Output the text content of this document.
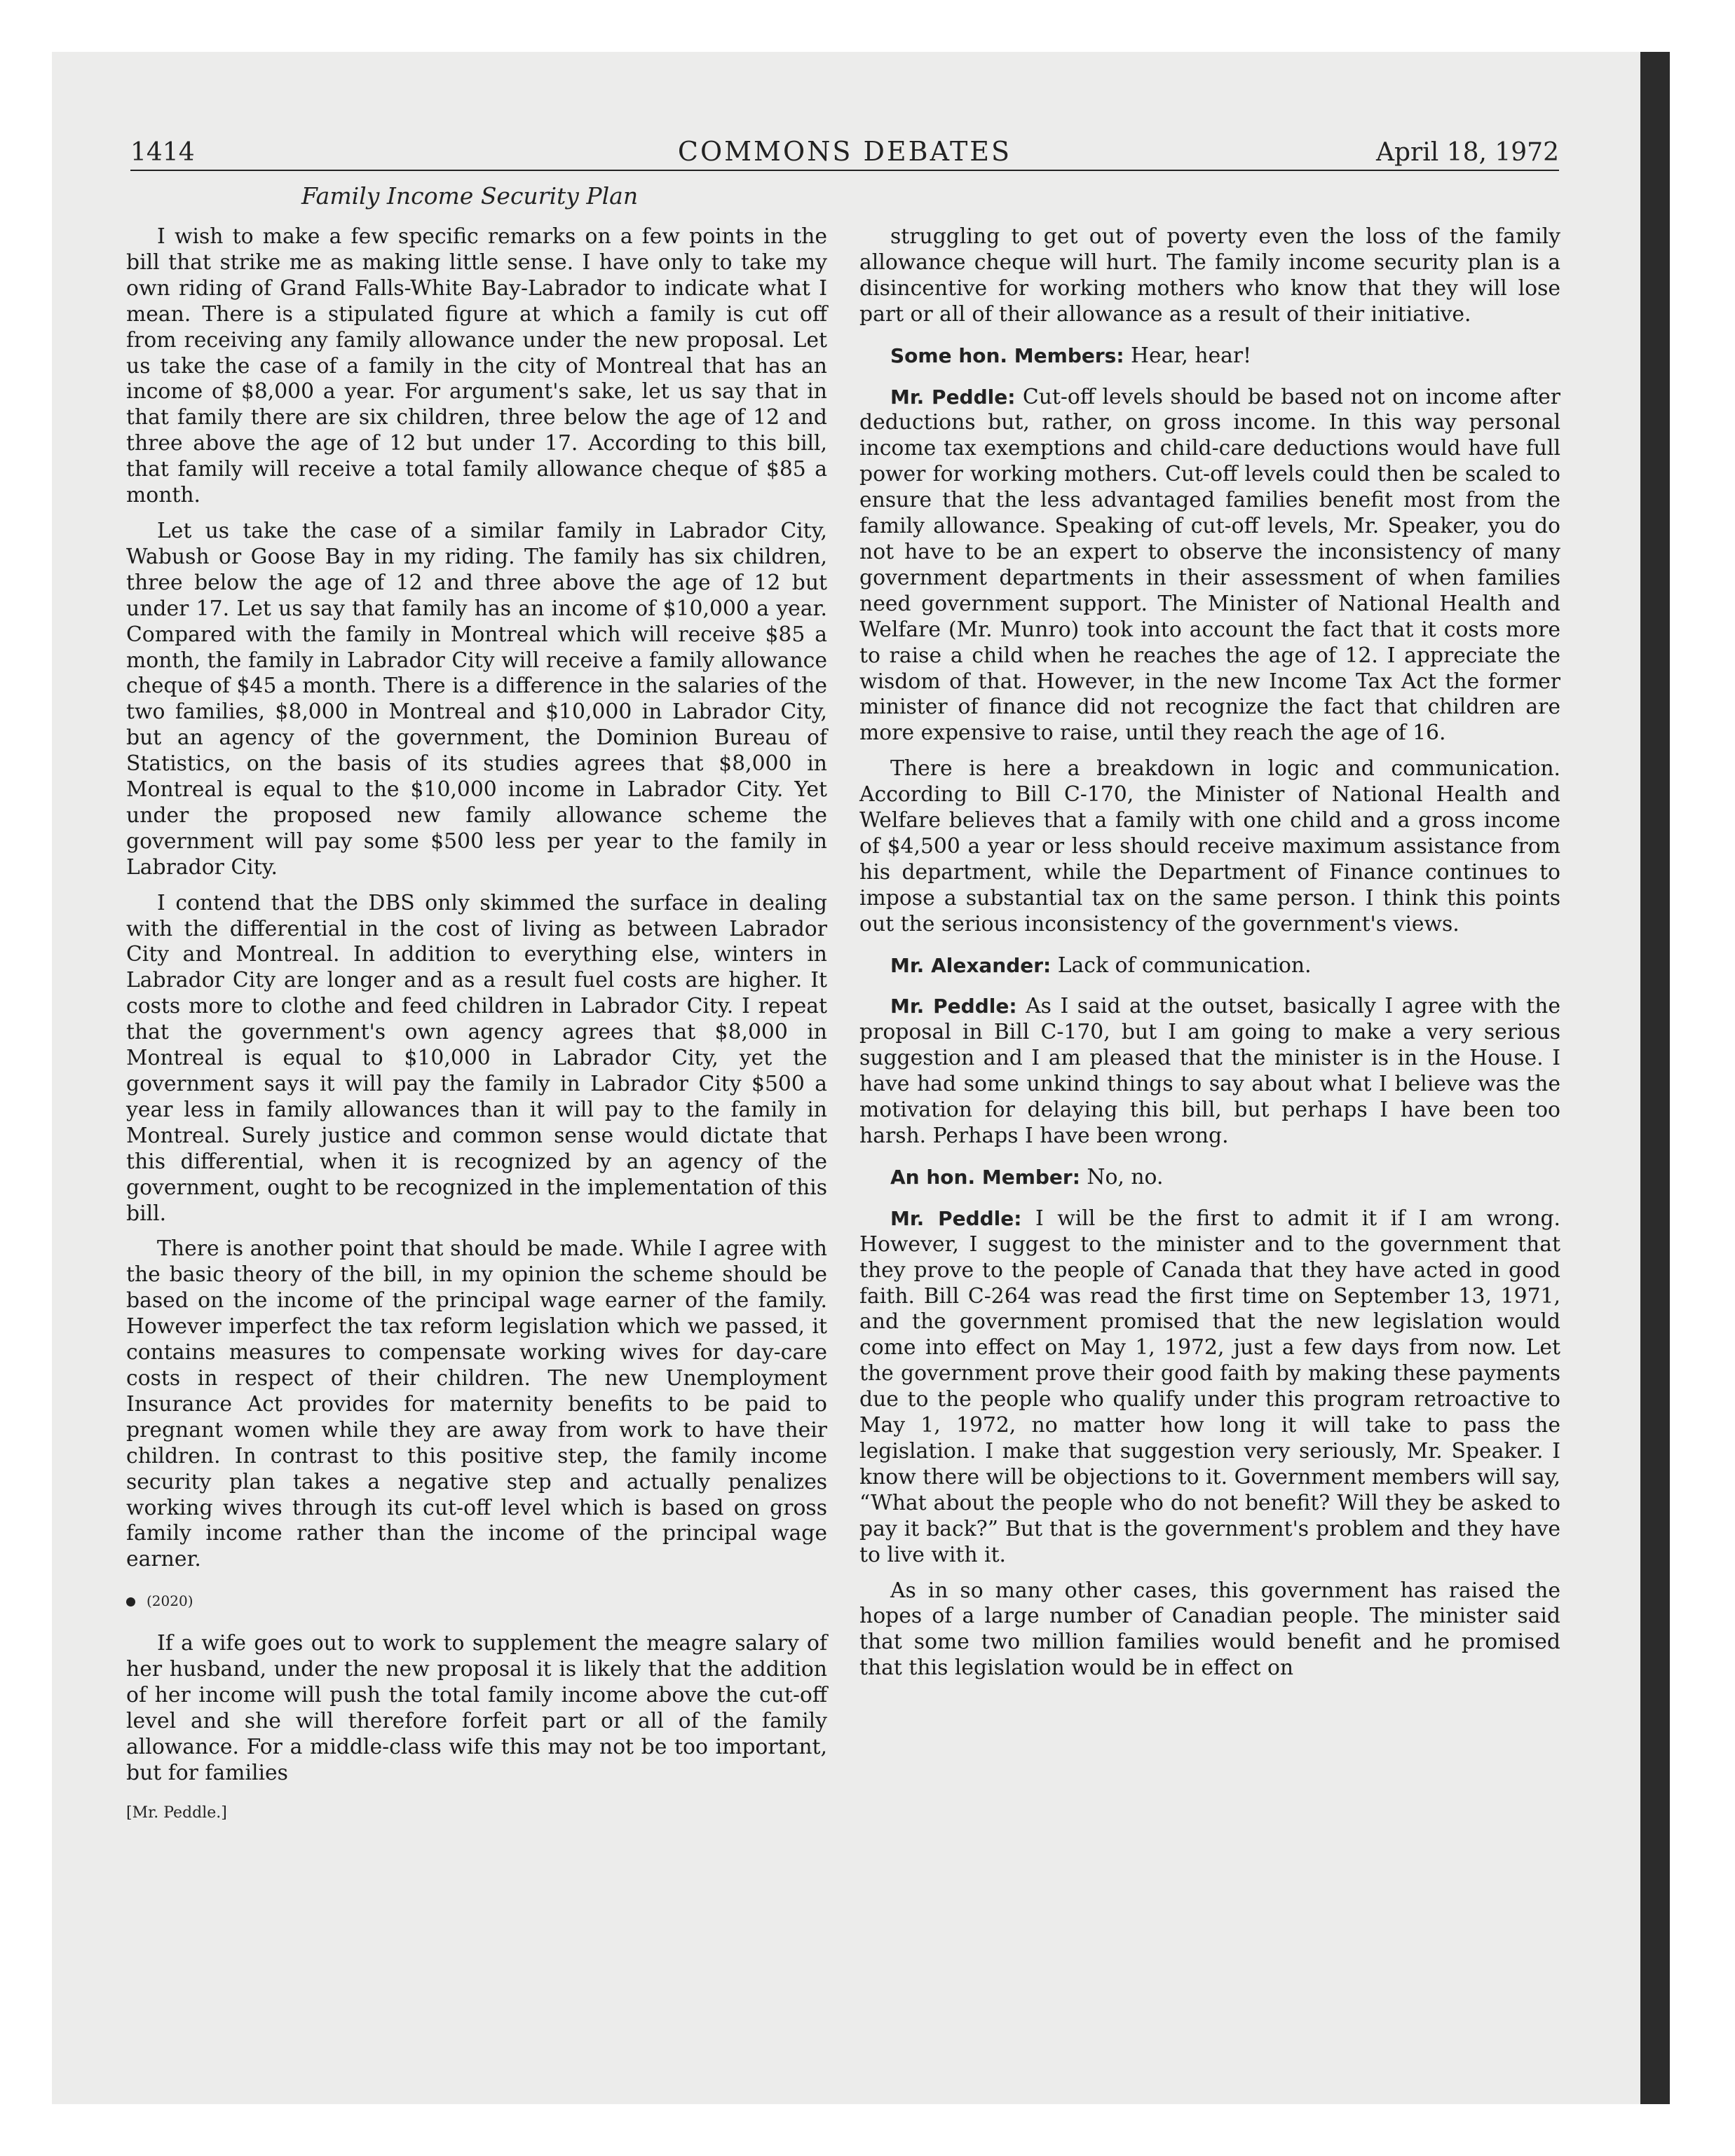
1414	COMMONS DEBATES	April 18, 1972
Family Income Security Plan

I wish to make a few specific remarks on a few points in the bill that strike me as making little sense. I have only to take my own riding of Grand Falls-White Bay-Labrador to indicate what I mean. There is a stipulated figure at which a family is cut off from receiving any family allowance under the new proposal. Let us take the case of a family in the city of Montreal that has an income of $8,000 a year. For argument's sake, let us say that in that family there are six children, three below the age of 12 and three above the age of 12 but under 17. According to this bill, that family will receive a total family allowance cheque of $85 a month.

Let us take the case of a similar family in Labrador City, Wabush or Goose Bay in my riding. The family has six children, three below the age of 12 and three above the age of 12 but under 17. Let us say that family has an income of $10,000 a year. Compared with the family in Montreal which will receive $85 a month, the family in Labrador City will receive a family allowance cheque of $45 a month. There is a difference in the salaries of the two families, $8,000 in Montreal and $10,000 in Labrador City, but an agency of the government, the Dominion Bureau of Statistics, on the basis of its studies agrees that $8,000 in Montreal is equal to the $10,000 income in Labrador City. Yet under the proposed new family allowance scheme the government will pay some $500 less per year to the family in Labrador City.

I contend that the DBS only skimmed the surface in dealing with the differential in the cost of living as between Labrador City and Montreal. In addition to everything else, winters in Labrador City are longer and as a result fuel costs are higher. It costs more to clothe and feed children in Labrador City. I repeat that the government's own agency agrees that $8,000 in Montreal is equal to $10,000 in Labrador City, yet the government says it will pay the family in Labrador City $500 a year less in family allowances than it will pay to the family in Montreal. Surely justice and common sense would dictate that this differential, when it is recognized by an agency of the government, ought to be recognized in the implementation of this bill.

There is another point that should be made. While I agree with the basic theory of the bill, in my opinion the scheme should be based on the income of the principal wage earner of the family. However imperfect the tax reform legislation which we passed, it contains measures to compensate working wives for day-care costs in respect of their children. The new Unemployment Insurance Act provides for maternity benefits to be paid to pregnant women while they are away from work to have their children. In contrast to this positive step, the family income security plan takes a negative step and actually penalizes working wives through its cut-off level which is based on gross family income rather than the income of the principal wage earner.

(2020)

If a wife goes out to work to supplement the meagre salary of her husband, under the new proposal it is likely that the addition of her income will push the total family income above the cut-off level and she will therefore forfeit part or all of the family allowance. For a middle-class wife this may not be too important, but for families

[Mr. Peddle.]

struggling to get out of poverty even the loss of the family allowance cheque will hurt. The family income security plan is a disincentive for working mothers who know that they will lose part or all of their allowance as a result of their initiative.

Some hon. Members: Hear, hear!

Mr. Peddle: Cut-off levels should be based not on income after deductions but, rather, on gross income. In this way personal income tax exemptions and child-care deductions would have full power for working mothers. Cut-off levels could then be scaled to ensure that the less advantaged families benefit most from the family allowance. Speaking of cut-off levels, Mr. Speaker, you do not have to be an expert to observe the inconsistency of many government departments in their assessment of when families need government support. The Minister of National Health and Welfare (Mr. Munro) took into account the fact that it costs more to raise a child when he reaches the age of 12. I appreciate the wisdom of that. However, in the new Income Tax Act the former minister of finance did not recognize the fact that children are more expensive to raise, until they reach the age of 16.

There is here a breakdown in logic and communication. According to Bill C-170, the Minister of National Health and Welfare believes that a family with one child and a gross income of $4,500 a year or less should receive maximum assistance from his department, while the Department of Finance continues to impose a substantial tax on the same person. I think this points out the serious inconsistency of the government's views.

Mr. Alexander: Lack of communication.

Mr. Peddle: As I said at the outset, basically I agree with the proposal in Bill C-170, but I am going to make a very serious suggestion and I am pleased that the minister is in the House. I have had some unkind things to say about what I believe was the motivation for delaying this bill, but perhaps I have been too harsh. Perhaps I have been wrong.

An hon. Member: No, no.

Mr. Peddle: I will be the first to admit it if I am wrong. However, I suggest to the minister and to the government that they prove to the people of Canada that they have acted in good faith. Bill C-264 was read the first time on September 13, 1971, and the government promised that the new legislation would come into effect on May 1, 1972, just a few days from now. Let the government prove their good faith by making these payments due to the people who qualify under this program retroactive to May 1, 1972, no matter how long it will take to pass the legislation. I make that suggestion very seriously, Mr. Speaker. I know there will be objections to it. Government members will say, “What about the people who do not benefit? Will they be asked to pay it back?” But that is the government's problem and they have to live with it.

As in so many other cases, this government has raised the hopes of a large number of Canadian people. The minister said that some two million families would benefit and he promised that this legislation would be in effect on
